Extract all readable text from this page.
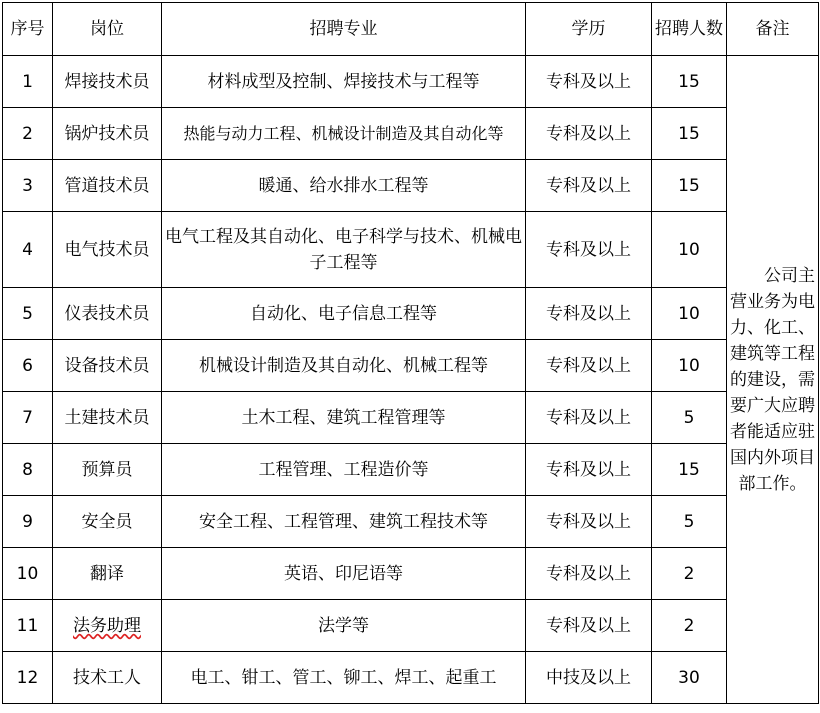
序号	岗位	招聘专业	学历	招聘人数	备注
1	焊接技术员	材料成型及控制、焊接技术与工程等	专科及以上	15	公司主营业务为电力、化工、建筑等工程的建设，需要广大应聘者能适应驻国内外项目部工作。
2	锅炉技术员	热能与动力工程、机械设计制造及其自动化等	专科及以上	15	
3	管道技术员	暖通、给水排水工程等	专科及以上	15	
4	电气技术员	电气工程及其自动化、电子科学与技术、机械电子工程等	专科及以上	10	
5	仪表技术员	自动化、电子信息工程等	专科及以上	10	
6	设备技术员	机械设计制造及其自动化、机械工程等	专科及以上	10	
7	土建技术员	土木工程、建筑工程管理等	专科及以上	5	
8	预算员	工程管理、工程造价等	专科及以上	15	
9	安全员	安全工程、工程管理、建筑工程技术等	专科及以上	5	
10	翻译	英语、印尼语等	专科及以上	2	
11	法务助理	法学等	专科及以上	2	
12	技术工人	电工、钳工、管工、铆工、焊工、起重工	中技及以上	30	
